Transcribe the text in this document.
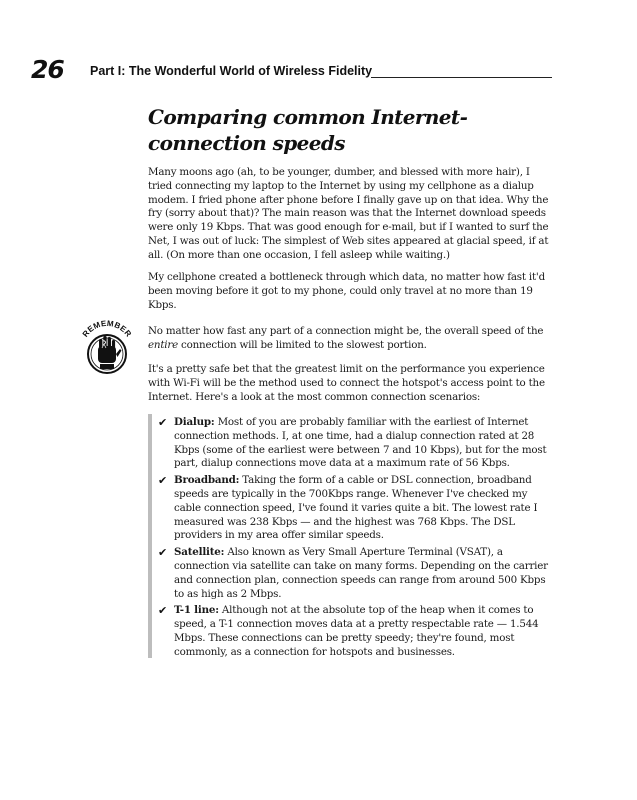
26 Part I: The Wonderful World of Wireless Fidelity
Comparing common Internet-connection speeds

Many moons ago (ah, to be younger, dumber, and blessed with more hair), I tried connecting my laptop to the Internet by using my cellphone as a dialup modem. I fried phone after phone before I finally gave up on that idea. Why the fry (sorry about that)? The main reason was that the Internet download speeds were only 19 Kbps. That was good enough for e-mail, but if I wanted to surf the Net, I was out of luck: The simplest of Web sites appeared at glacial speed, if at all. (On more than one occasion, I fell asleep while waiting.)

My cellphone created a bottleneck through which data, no matter how fast it'd been moving before it got to my phone, could only travel at no more than 19 Kbps.

REMEMBER No matter how fast any part of a connection might be, the overall speed of the entire connection will be limited to the slowest portion.

It's a pretty safe bet that the greatest limit on the performance you experience with Wi-Fi will be the method used to connect the hotspot's access point to the Internet. Here's a look at the most common connection scenarios:

✔ Dialup: Most of you are probably familiar with the earliest of Internet connection methods. I, at one time, had a dialup connection rated at 28 Kbps (some of the earliest were between 7 and 10 Kbps), but for the most part, dialup connections move data at a maximum rate of 56 Kbps.
✔ Broadband: Taking the form of a cable or DSL connection, broadband speeds are typically in the 700Kbps range. Whenever I've checked my cable connection speed, I've found it varies quite a bit. The lowest rate I measured was 238 Kbps — and the highest was 768 Kbps. The DSL providers in my area offer similar speeds.
✔ Satellite: Also known as Very Small Aperture Terminal (VSAT), a connection via satellite can take on many forms. Depending on the carrier and connection plan, connection speeds can range from around 500 Kbps to as high as 2 Mbps.
✔ T-1 line: Although not at the absolute top of the heap when it comes to speed, a T-1 connection moves data at a pretty respectable rate — 1.544 Mbps. These connections can be pretty speedy; they're found, most commonly, as a connection for hotspots and businesses.
